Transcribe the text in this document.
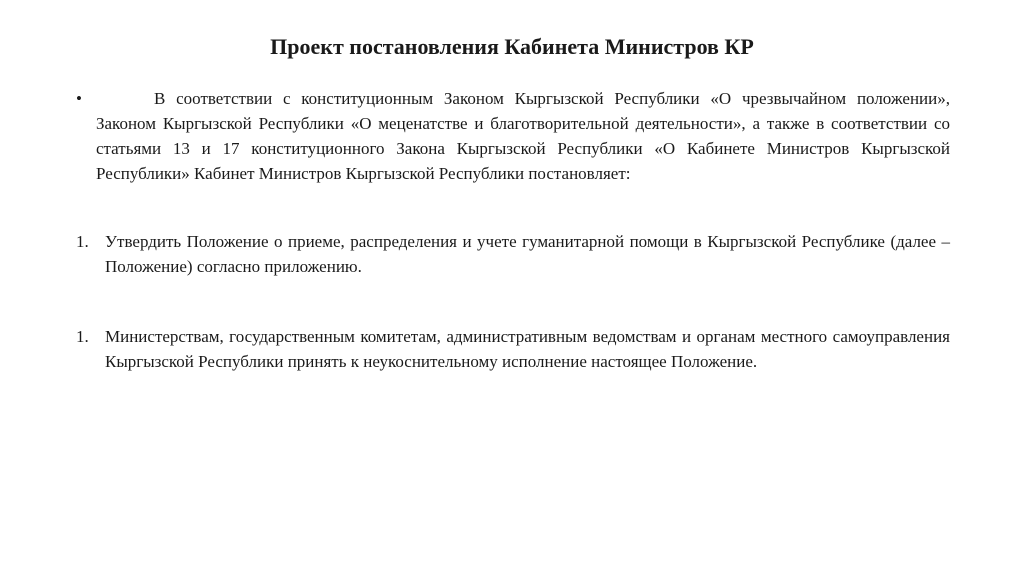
Проект постановления Кабинета Министров КР
•	В соответствии с конституционным Законом Кыргызской Республики «О чрезвычайном положении», Законом Кыргызской Республики «О меценатстве и благотворительной деятельности», а также в соответствии со статьями 13 и 17 конституционного Закона Кыргызской Республики «О Кабинете Министров Кыргызской Республики» Кабинет Министров Кыргызской Республики постановляет:

1. Утвердить Положение о приеме, распределения и учете гуманитарной помощи в Кыргызской Республике (далее – Положение) согласно приложению.

1. Министерствам, государственным комитетам, административным ведомствам и органам местного самоуправления Кыргызской Республики принять к неукоснительному исполнение настоящее Положение.
